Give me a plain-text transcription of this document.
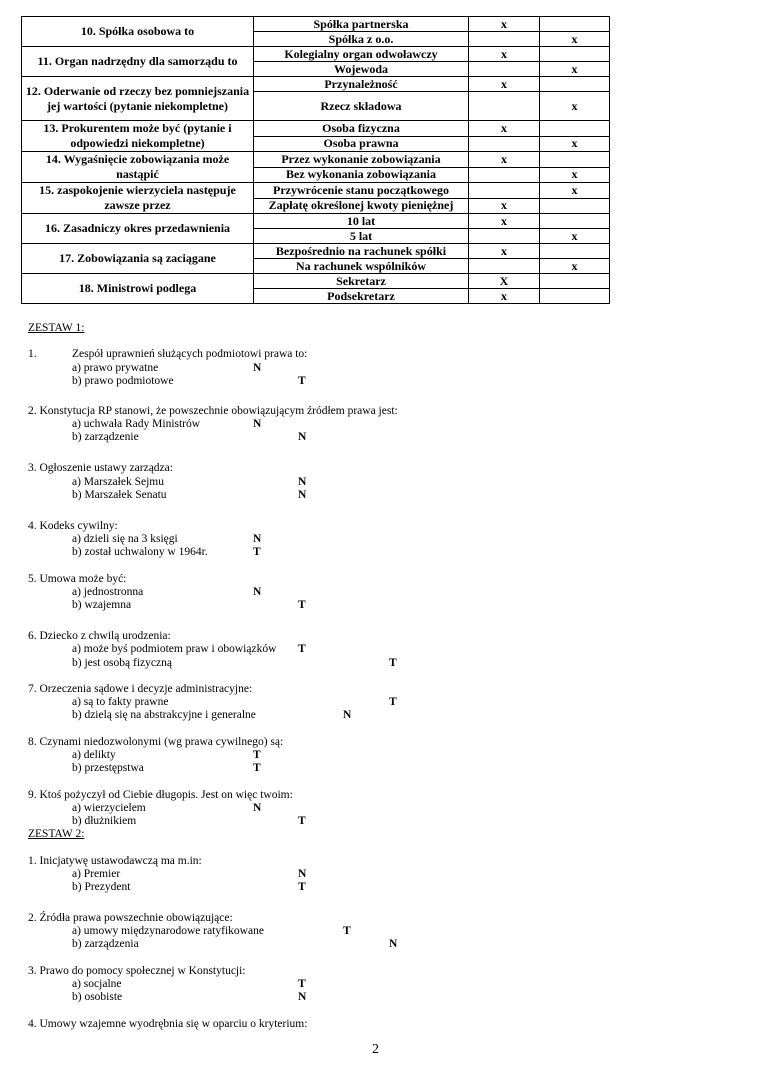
10. Spółka osobowa to	Spółka partnerska	x	
	Spółka z o.o.		x
11. Organ nadrzędny dla samorządu to	Kolegialny organ odwoławczy	x	
	Wojewoda		x
12. Oderwanie od rzeczy bez pomniejszania jej wartości (pytanie niekompletne)	Przynależność	x	
	Rzecz składowa		x
13. Prokurentem może być (pytanie i odpowiedzi niekompletne)	Osoba fizyczna	x	
	Osoba prawna		x
14. Wygaśnięcie zobowiązania może nastąpić	Przez wykonanie zobowiązania	x	
	Bez wykonania zobowiązania		x
15. zaspokojenie wierzyciela następuje zawsze przez	Przywrócenie stanu początkowego		x
	Zapłatę określonej kwoty pieniężnej	x	
16. Zasadniczy okres przedawnienia	10 lat	x	
	5 lat		x
17. Zobowiązania są zaciągane	Bezpośrednio na rachunek spółki	x	
	Na rachunek wspólników		x
18. Ministrowi podlega	Sekretarz	X	
	Podsekretarz	x	
ZESTAW 1:
1.	Zespół uprawnień służących podmiotowi prawa to:
a) prawo prywatne	N
b) prawo podmiotowe	T
2. Konstytucja RP stanowi, że powszechnie obowiązującym źródłem prawa jest:
a) uchwała Rady Ministrów	N
b) zarządzenie	N
3. Ogłoszenie ustawy zarządza:
a) Marszałek Sejmu	N
b) Marszałek Senatu	N
4. Kodeks cywilny:
a) dzieli się na 3 księgi	N
b) został uchwalony w 1964r.	T
5. Umowa może być:
a) jednostronna	N
b) wzajemna	T
6. Dziecko z chwilą urodzenia:
a) może byś podmiotem praw i obowiązków T
b) jest osobą fizyczną	T
7. Orzeczenia sądowe i decyzje administracyjne:
a) są to fakty prawne	T
b) dzielą się na abstrakcyjne i generalne	N
8. Czynami niedozwolonymi (wg prawa cywilnego) są:
a) delikty	T
b) przestępstwa	T
9. Ktoś pożyczył od Ciebie długopis. Jest on więc twoim:
a) wierzycielem	N
b) dłużnikiem	T
ZESTAW 2:
1. Inicjatywę ustawodawczą ma m.in:
a) Premier	N
b) Prezydent	T
2. Źródła prawa powszechnie obowiązujące:
a) umowy międzynarodowe ratyfikowane	T
b) zarządzenia	N
3. Prawo do pomocy społecznej w Konstytucji:
a) socjalne	T
b) osobiste	N
4. Umowy wzajemne wyodrębnia się w oparciu o kryterium:
2
